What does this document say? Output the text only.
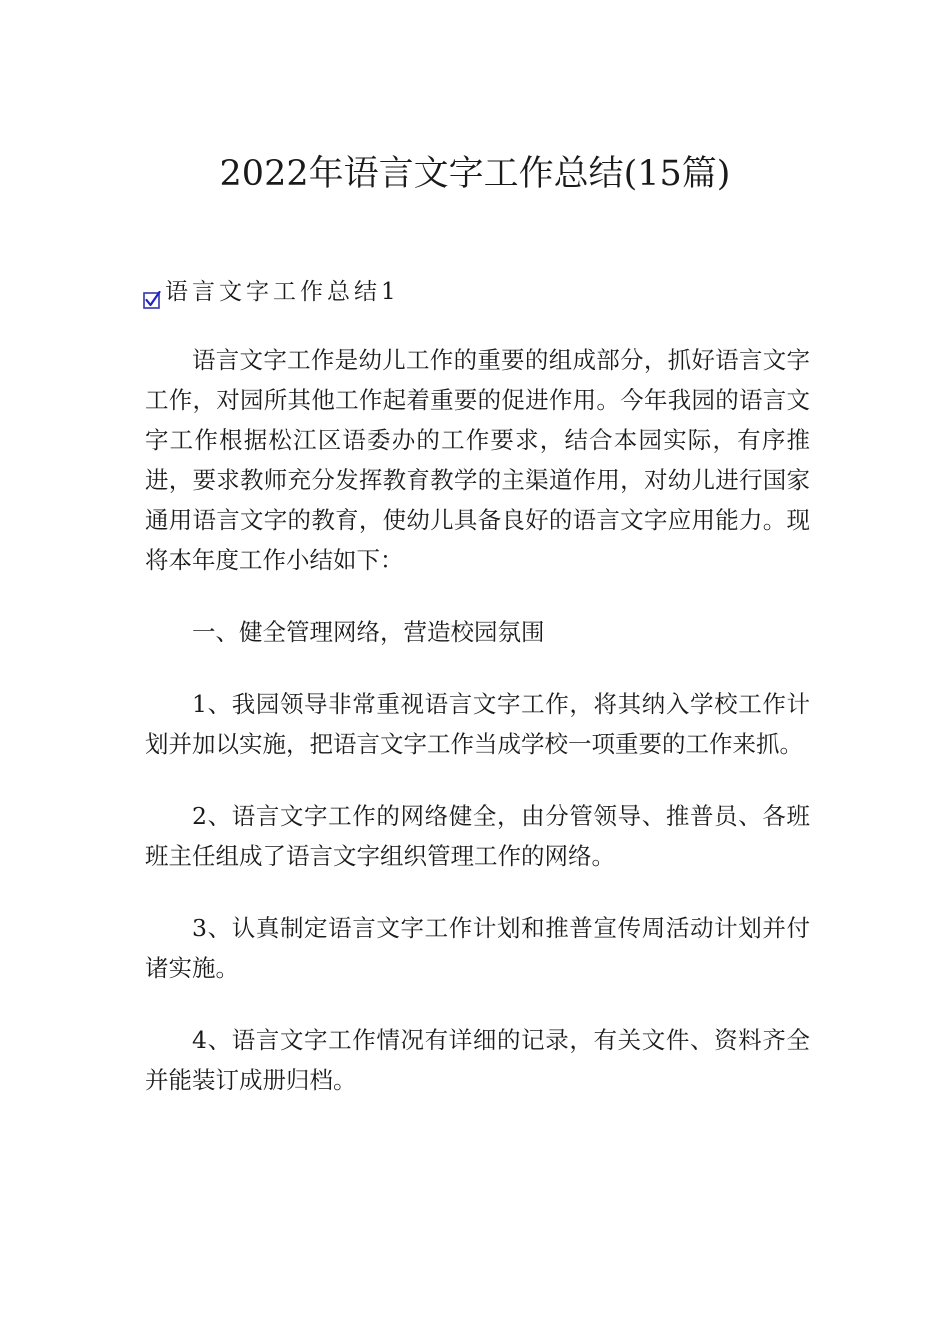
2022年语言文字工作总结(15篇)
语言文字工作总结1

语言文字工作是幼儿工作的重要的组成部分，抓好语言文字工作，对园所其他工作起着重要的促进作用。今年我园的语言文字工作根据松江区语委办的工作要求，结合本园实际，有序推进，要求教师充分发挥教育教学的主渠道作用，对幼儿进行国家通用语言文字的教育，使幼儿具备良好的语言文字应用能力。现将本年度工作小结如下：

一、健全管理网络，营造校园氛围

1、我园领导非常重视语言文字工作，将其纳入学校工作计划并加以实施，把语言文字工作当成学校一项重要的工作来抓。

2、语言文字工作的网络健全，由分管领导、推普员、各班班主任组成了语言文字组织管理工作的网络。

3、认真制定语言文字工作计划和推普宣传周活动计划并付诸实施。

4、语言文字工作情况有详细的记录，有关文件、资料齐全并能装订成册归档。
